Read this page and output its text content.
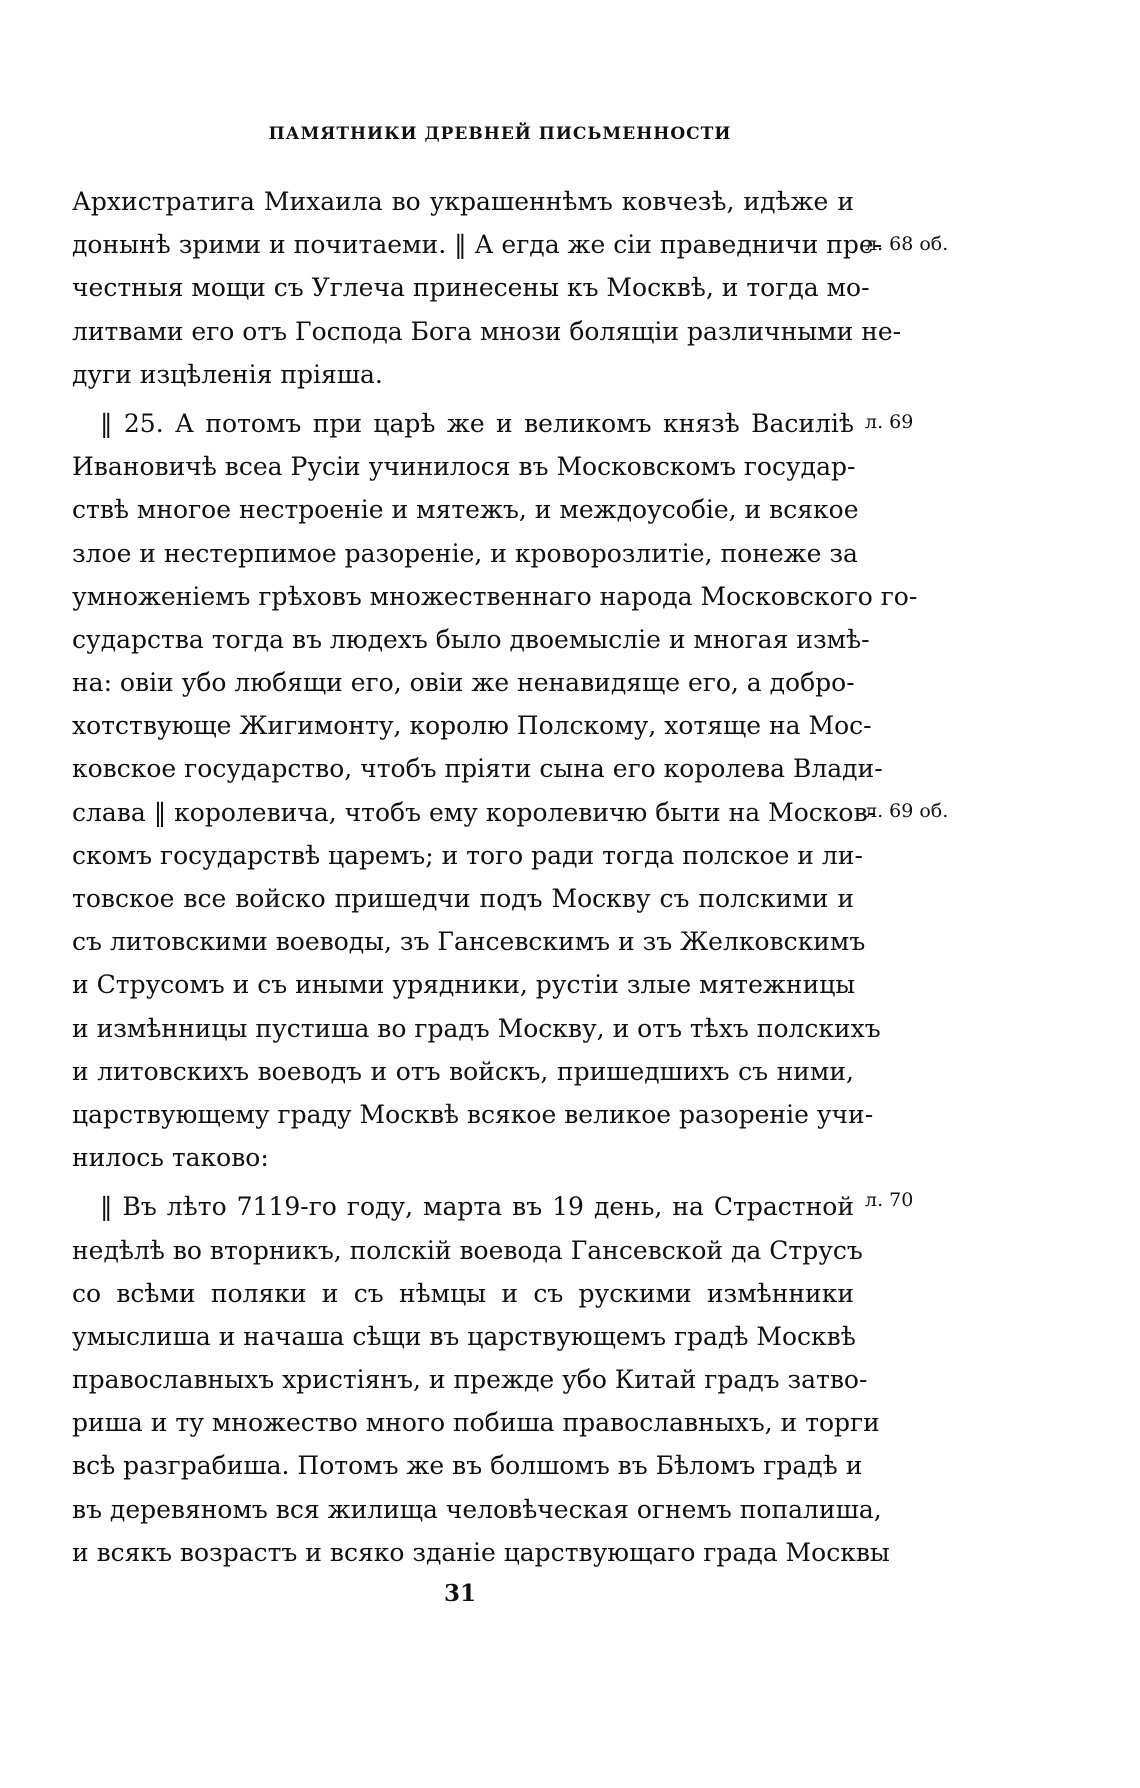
ПАМЯТНИКИ ДРЕВНЕЙ ПИСЬМЕННОСТИ
Архистратига Михаила во украшеннѣмъ ковчезѣ, идѣже и
донынѣ зрими и почитаеми. ‖ А егда же сіи праведничи пре-
честныя мощи съ Углеча принесены къ Москвѣ, и тогда мо-
литвами его отъ Господа Бога мнози болящіи различными не-
дуги изцѣленія пріяша.
‖ 25. А потомъ при царѣ же и великомъ князѣ Василіѣ
Ивановичѣ всеа Русіи учинилося въ Московскомъ государ-
ствѣ многое нестроеніе и мятежъ, и междоусобіе, и всякое
злое и нестерпимое разореніе, и кроворозлитіе, понеже за
умноженіемъ грѣховъ множественнаго народа Московского го-
сударства тогда въ людехъ было двоемысліе и многая измѣ-
на: овіи убо любящи его, овіи же ненавидяще его, а добро-
хотствующе Жигимонту, королю Полскому, хотяще на Мос-
ковское государство, чтобъ пріяти сына его королева Влади-
слава ‖ королевича, чтобъ ему королевичю быти на Москов-
скомъ государствѣ царемъ; и того ради тогда полское и ли-
товское все войско пришедчи подъ Москву съ полскими и
съ литовскими воеводы, зъ Гансевскимъ и зъ Желковскимъ
и Струсомъ и съ иными урядники, рустіи злые мятежницы
и измѣнницы пустиша во градъ Москву, и отъ тѣхъ полскихъ
и литовскихъ воеводъ и отъ войскъ, пришедшихъ съ ними,
царствующему граду Москвѣ всякое великое разореніе учи-
нилось таково:
‖ Въ лѣто 7119-го году, марта въ 19 день, на Страстной
недѣлѣ во вторникъ, полскій воевода Гансевской да Струсъ
со всѣми поляки и съ нѣмцы и съ рускими измѣнники
умыслиша и начаша сѣщи въ царствующемъ градѣ Москвѣ
православныхъ христіянъ, и прежде убо Китай градъ затво-
риша и ту множество много побиша православныхъ, и торги
всѣ разграбиша. Потомъ же въ болшомъ въ Бѣломъ градѣ и
въ деревяномъ вся жилища человѣческая огнемъ попалиша,
и всякъ возрастъ и всяко зданіе царствующаго града Москвы
л. 68 об.
л. 69
л. 69 об.
л. 70
31
